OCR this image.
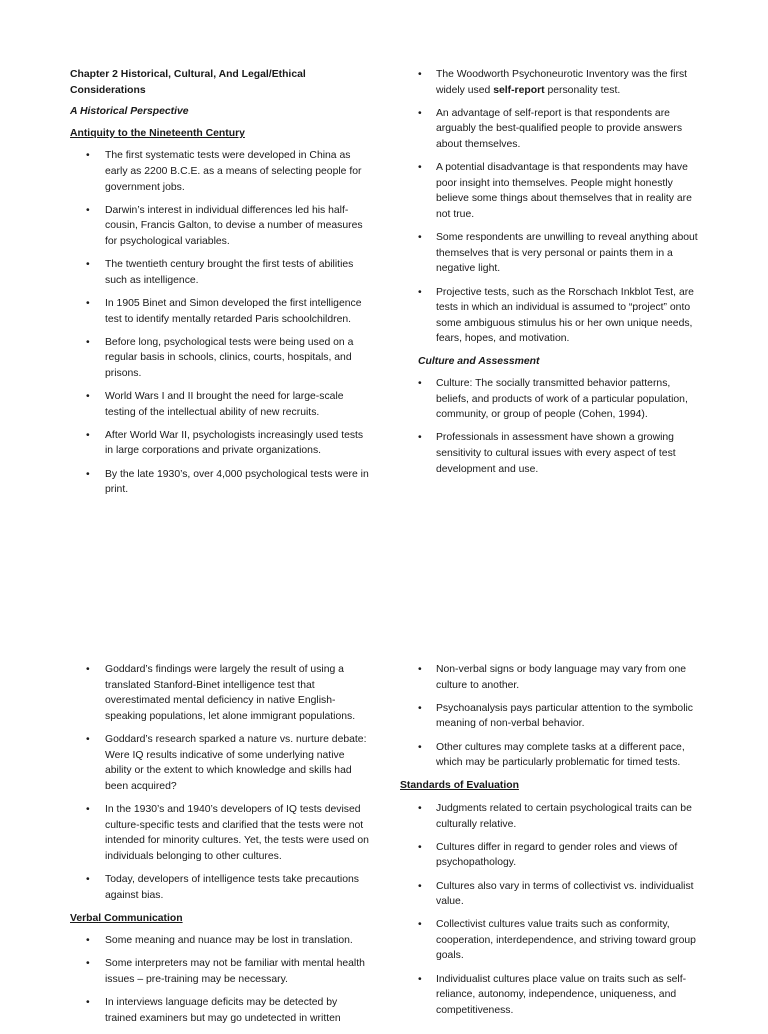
Chapter 2 Historical, Cultural, And Legal/Ethical Considerations
A Historical Perspective
Antiquity to the Nineteenth Century
• The first systematic tests were developed in China as early as 2200 B.C.E. as a means of selecting people for government jobs.
• Darwin’s interest in individual differences led his half-cousin, Francis Galton, to devise a number of measures for psychological variables.
• The twentieth century brought the first tests of abilities such as intelligence.
• In 1905 Binet and Simon developed the first intelligence test to identify mentally retarded Paris schoolchildren.
• Before long, psychological tests were being used on a regular basis in schools, clinics, courts, hospitals, and prisons.
• World Wars I and II brought the need for large-scale testing of the intellectual ability of new recruits.
• After World War II, psychologists increasingly used tests in large corporations and private organizations.
• By the late 1930’s, over 4,000 psychological tests were in print.
• The Woodworth Psychoneurotic Inventory was the first widely used self-report personality test.
• An advantage of self-report is that respondents are arguably the best-qualified people to provide answers about themselves.
• A potential disadvantage is that respondents may have poor insight into themselves. People might honestly believe some things about themselves that in reality are not true.
• Some respondents are unwilling to reveal anything about themselves that is very personal or paints them in a negative light.
• Projective tests, such as the Rorschach Inkblot Test, are tests in which an individual is assumed to “project” onto some ambiguous stimulus his or her own unique needs, fears, hopes, and motivation.
Culture and Assessment
• Culture: The socially transmitted behavior patterns, beliefs, and products of work of a particular population, community, or group of people (Cohen, 1994).
• Professionals in assessment have shown a growing sensitivity to cultural issues with every aspect of test development and use.
• Goddard’s findings were largely the result of using a translated Stanford-Binet intelligence test that overestimated mental deficiency in native English-speaking populations, let alone immigrant populations.
• Goddard’s research sparked a nature vs. nurture debate: Were IQ results indicative of some underlying native ability or the extent to which knowledge and skills had been acquired?
• In the 1930’s and 1940’s developers of IQ tests devised culture-specific tests and clarified that the tests were not intended for minority cultures. Yet, the tests were used on individuals belonging to other cultures.
• Today, developers of intelligence tests take precautions against bias.
Verbal Communication
• Some meaning and nuance may be lost in translation.
• Some interpreters may not be familiar with mental health issues – pre-training may be necessary.
• In interviews language deficits may be detected by trained examiners but may go undetected in written
• Non-verbal signs or body language may vary from one culture to another.
• Psychoanalysis pays particular attention to the symbolic meaning of non-verbal behavior.
• Other cultures may complete tasks at a different pace, which may be particularly problematic for timed tests.
Standards of Evaluation
• Judgments related to certain psychological traits can be culturally relative.
• Cultures differ in regard to gender roles and views of psychopathology.
• Cultures also vary in terms of collectivist vs. individualist value.
• Collectivist cultures value traits such as conformity, cooperation, interdependence, and striving toward group goals.
• Individualist cultures place value on traits such as self-reliance, autonomy, independence, uniqueness, and competitiveness.
